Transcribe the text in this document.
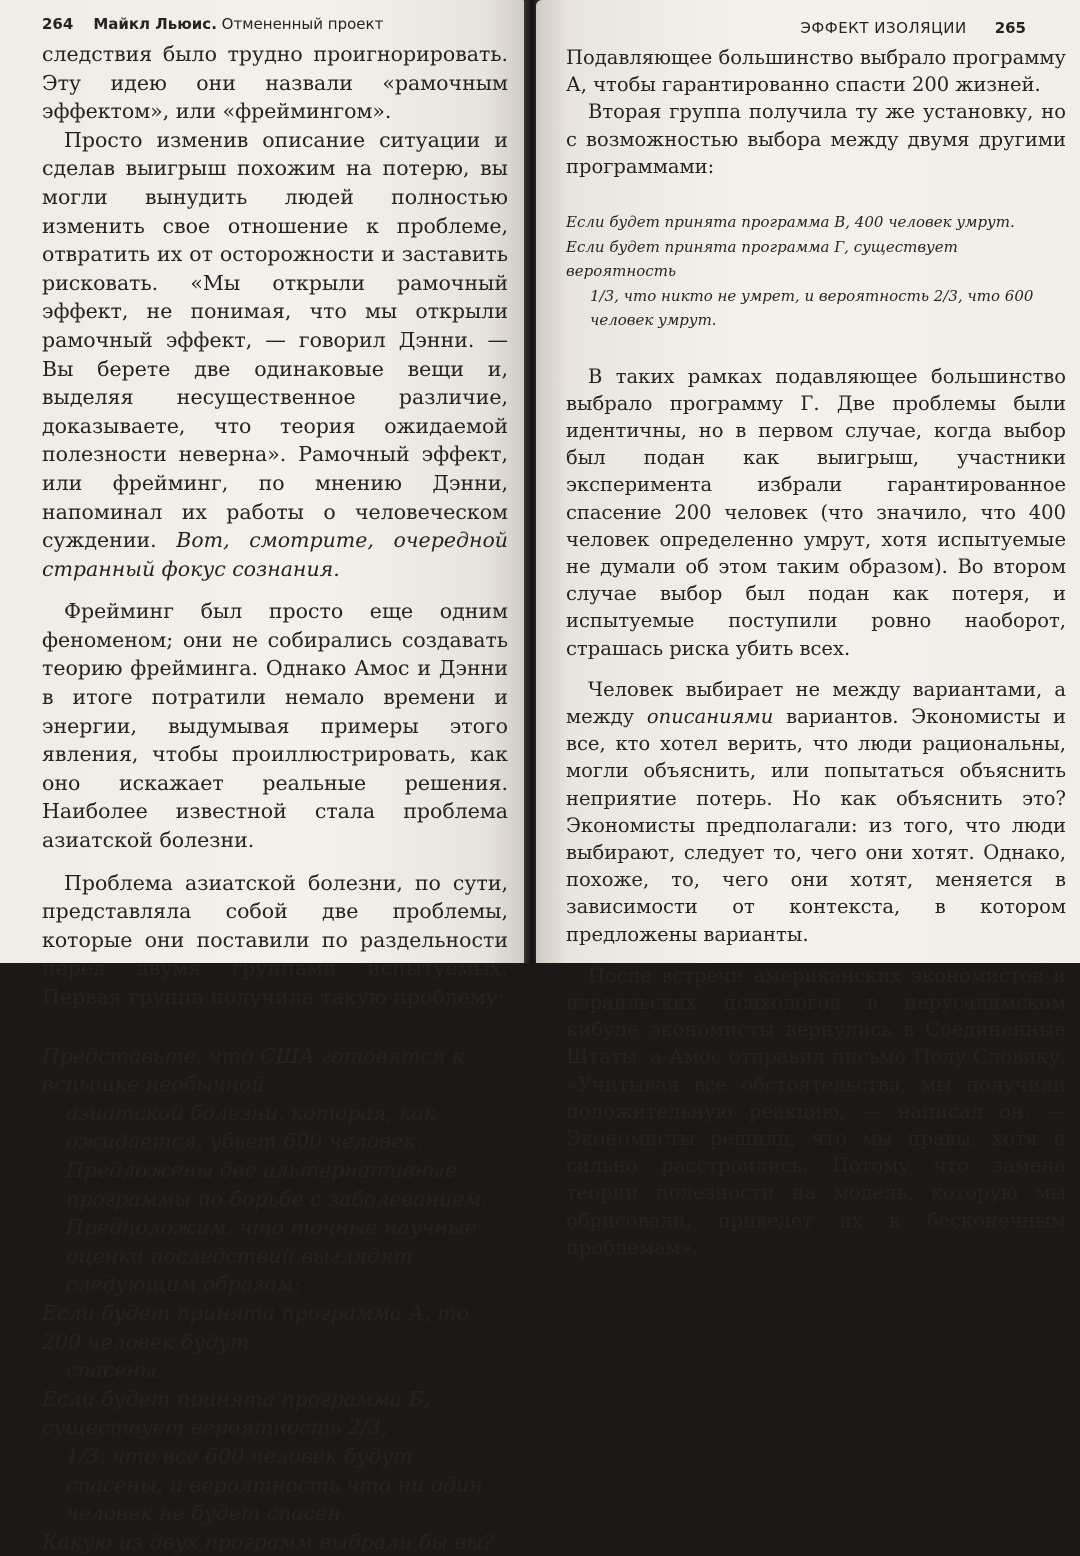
264 Майкл Льюис. Отмененный проект

следствия было трудно проигнорировать. Эту идею они назвали «рамочным эффектом», или «фреймингом».

Просто изменив описание ситуации и сделав выигрыш похожим на потерю, вы могли вынудить людей полностью изменить свое отношение к проблеме, отвратить их от осторожности и заставить рисковать. «Мы открыли рамочный эффект, не понимая, что мы открыли рамочный эффект, — говорил Дэнни. — Вы берете две одинаковые вещи и, выделяя несущественное различие, доказываете, что теория ожидаемой полезности неверна». Рамочный эффект, или фрейминг, по мнению Дэнни, напоминал их работы о человеческом суждении. Вот, смотрите, очередной странный фокус сознания.

Фрейминг был просто еще одним феноменом; они не собирались создавать теорию фрейминга. Однако Амос и Дэнни в итоге потратили немало времени и энергии, выдумывая примеры этого явления, чтобы проиллюстрировать, как оно искажает реальные решения. Наиболее известной стала проблема азиатской болезни.

Проблема азиатской болезни, по сути, представляла собой две проблемы, которые они поставили по раздельности перед двумя группами испытуемых. Первая группа получила такую проблему:

Представьте, что США готовятся к вспышке необычной

азиатской болезни, которая, как ожидается, убьет 600 человек. Предложены две альтернативные программы по борьбе с заболеванием. Предположим, что точные научные оценки последствий выглядят следующим образом:

Если будет принята программа А, то 200 человек будут

спасены.

Если будет принята программа Б, существует вероятность 2/3,

1/3, что все 600 человек будут спасены, и вероятность что ни один человек не будет спасен.

Какую из двух программ выбрали бы вы?

ЭФФЕКТ ИЗОЛЯЦИИ 265

Подавляющее большинство выбрало программу А, чтобы гарантированно спасти 200 жизней.

Вторая группа получила ту же установку, но с возможностью выбора между двумя другими программами:

Если будет принята программа В, 400 человек умрут.

Если будет принята программа Г, существует вероятность

1/3, что никто не умрет, и вероятность 2/3, что 600 человек умрут.

В таких рамках подавляющее большинство выбрало программу Г. Две проблемы были идентичны, но в первом случае, когда выбор был подан как выигрыш, участники эксперимента избрали гарантированное спасение 200 человек (что значило, что 400 человек определенно умрут, хотя испытуемые не думали об этом таким образом). Во втором случае выбор был подан как потеря, и испытуемые поступили ровно наоборот, страшась риска убить всех.

Человек выбирает не между вариантами, а между описаниями вариантов. Экономисты и все, кто хотел верить, что люди рациональны, могли объяснить, или попытаться объяснить неприятие потерь. Но как объяснить это? Экономисты предполагали: из того, что люди выбирают, следует то, чего они хотят. Однако, похоже, то, чего они хотят, меняется в зависимости от контекста, в котором предложены варианты.

После встречи американских экономистов и израильских психологов в иерусалимском кибуце экономисты вернулись в Соединенные Штаты, а Амос отправил письмо Полу Словику. «Учитывая все обстоятельства, мы получили положительную реакцию, — написал он. — Экономисты решили, что мы правы, хотя и сильно расстроились. Потому что замена теории полезности на модель, которую мы обрисовали, приведет их к бесконечным проблемам».
